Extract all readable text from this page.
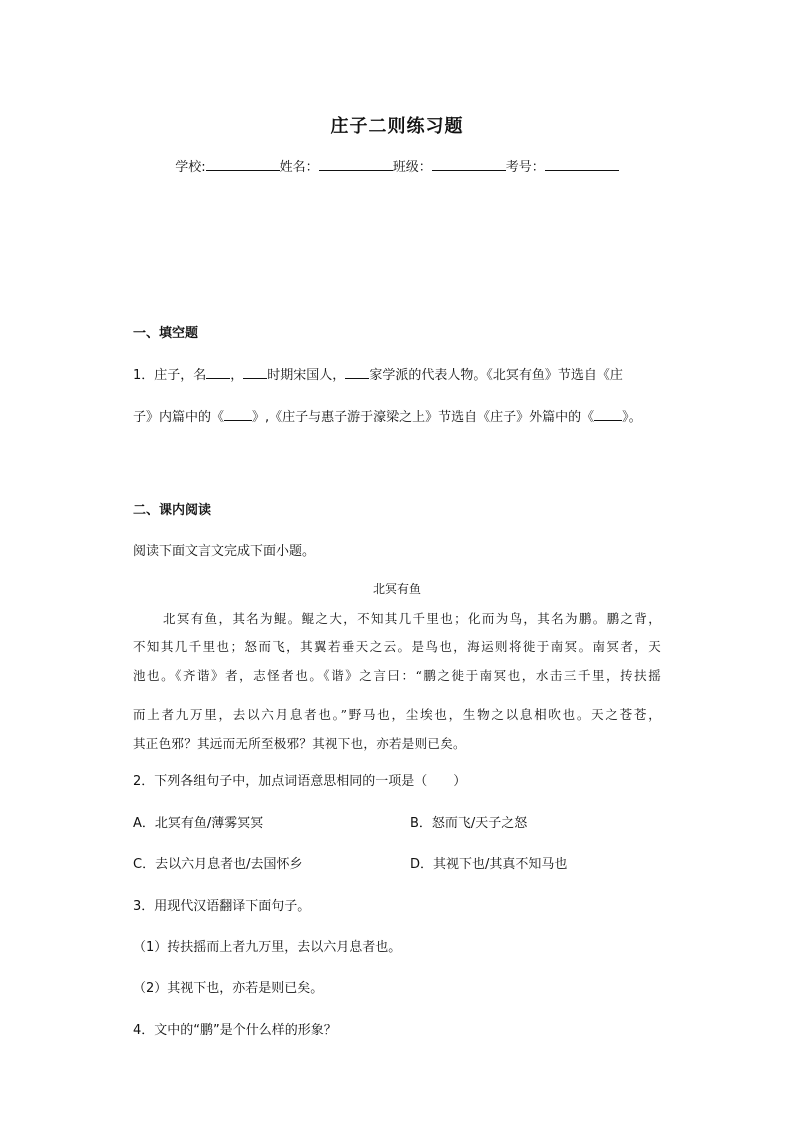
庄子二则练习题
学校:	姓名：	班级：	考号：
一、填空题
1．庄子，名 ， 时期宋国人， 家学派的代表人物。《北冥有鱼》节选自《庄
子》内篇中的《 》,《庄子与惠子游于濠梁之上》节选自《庄子》外篇中的《 》。
二、课内阅读
阅读下面文言文完成下面小题。
北冥有鱼
北冥有鱼，其名为鲲。鲲之大，不知其几千里也；化而为鸟，其名为鹏。鹏之背，
不知其几千里也；怒而飞，其翼若垂天之云。是鸟也，海运则将徙于南冥。南冥者，天
池也。《齐谐》者，志怪者也。《谐》之言曰：“鹏之徙于南冥也，水击三千里，抟扶摇
而上者九万里，去以六月息者也。”野马也，尘埃也，生物之以息相吹也。天之苍苍，
其正色邪？其远而无所至极邪？其视下也，亦若是则已矣。
2．下列各组句子中，加点词语意思相同的一项是（　　）
A．北冥有鱼/薄雾冥冥	B．怒而飞/天子之怒
C．去以六月息者也/去国怀乡	D．其视下也/其真不知马也
3．用现代汉语翻译下面句子。
（1）抟扶摇而上者九万里，去以六月息者也。
（2）其视下也，亦若是则已矣。
4．文中的“鹏”是个什么样的形象？
